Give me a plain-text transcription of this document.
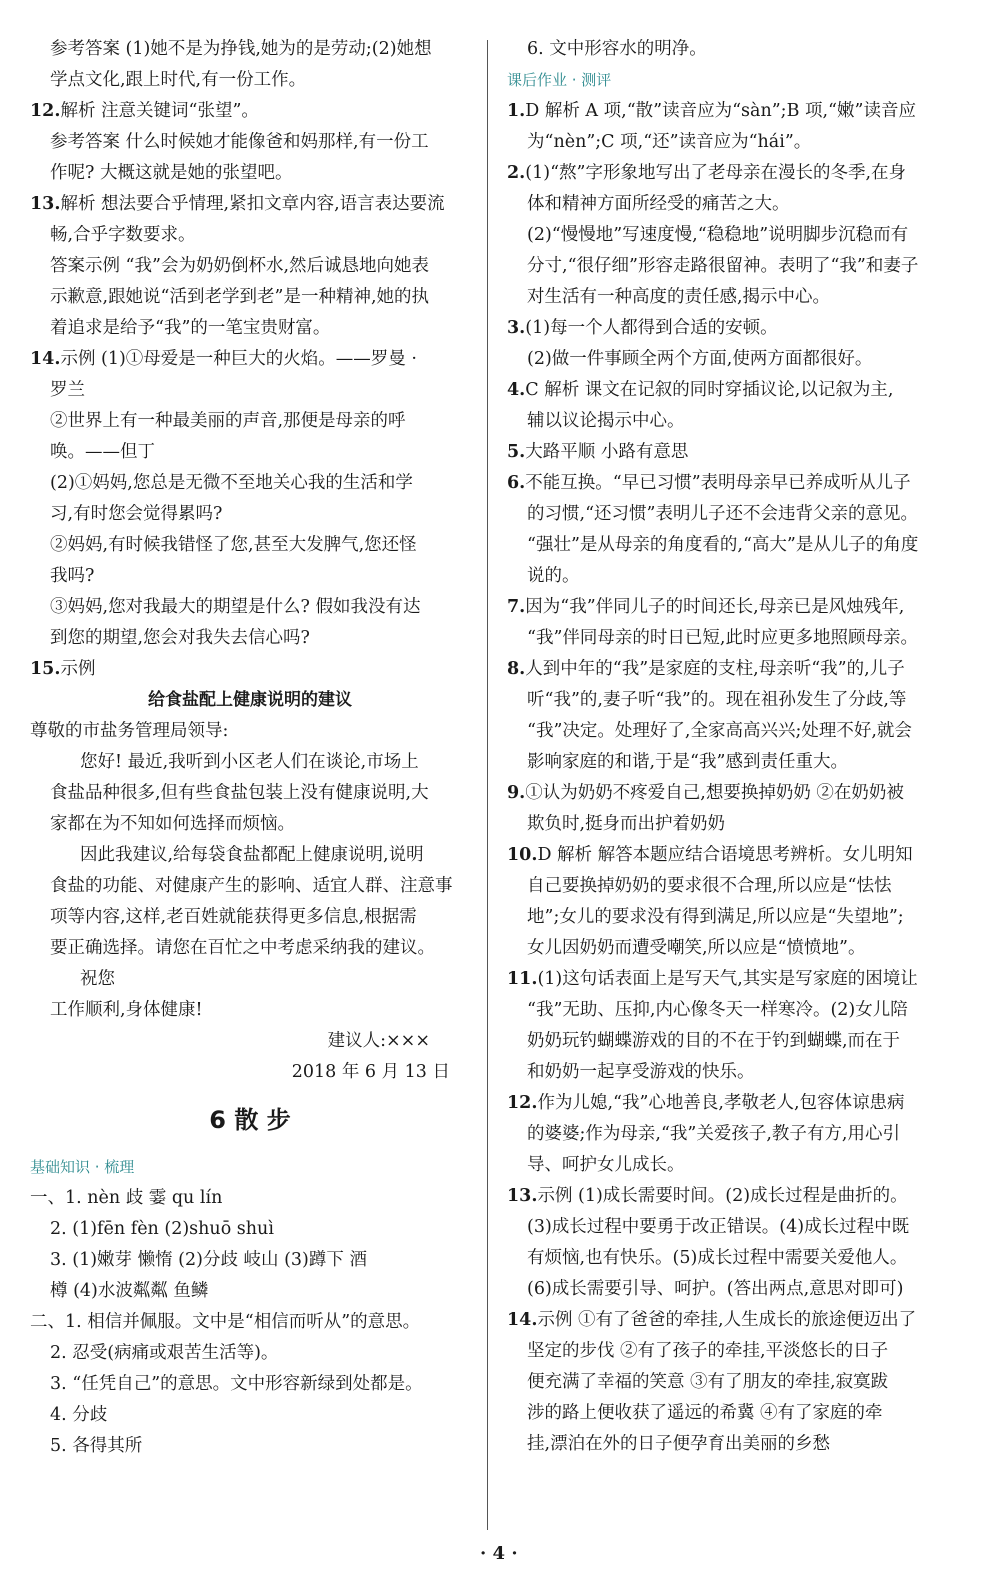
参考答案 (1)她不是为挣钱,她为的是劳动;(2)她想
学点文化,跟上时代,有一份工作。
12.解析 注意关键词“张望”。
参考答案 什么时候她才能像爸和妈那样,有一份工
作呢? 大概这就是她的张望吧。
13.解析 想法要合乎情理,紧扣文章内容,语言表达要流
畅,合乎字数要求。
答案示例 “我”会为奶奶倒杯水,然后诚恳地向她表
示歉意,跟她说“活到老学到老”是一种精神,她的执
着追求是给予“我”的一笔宝贵财富。
14.示例 (1)①母爱是一种巨大的火焰。——罗曼 ·
罗兰
②世界上有一种最美丽的声音,那便是母亲的呼
唤。——但丁
(2)①妈妈,您总是无微不至地关心我的生活和学
习,有时您会觉得累吗?
②妈妈,有时候我错怪了您,甚至大发脾气,您还怪
我吗?
③妈妈,您对我最大的期望是什么? 假如我没有达
到您的期望,您会对我失去信心吗?
15.示例
给食盐配上健康说明的建议
尊敬的市盐务管理局领导:
您好! 最近,我听到小区老人们在谈论,市场上
食盐品种很多,但有些食盐包装上没有健康说明,大
家都在为不知如何选择而烦恼。
因此我建议,给每袋食盐都配上健康说明,说明
食盐的功能、对健康产生的影响、适宜人群、注意事
项等内容,这样,老百姓就能获得更多信息,根据需
要正确选择。请您在百忙之中考虑采纳我的建议。
祝您
工作顺利,身体健康!
建议人:×××
2018 年 6 月 13 日
6 散 步
基础知识 · 梳理
一、1. nèn 歧 霎 qu lín
2. (1)fēn fèn (2)shuō shuì
3. (1)嫩芽 懒惰 (2)分歧 岐山 (3)蹲下 酒
樽 (4)水波粼粼 鱼鳞
二、1. 相信并佩服。文中是“相信而听从”的意思。
2. 忍受(病痛或艰苦生活等)。
3. “任凭自己”的意思。文中形容新绿到处都是。
4. 分歧
5. 各得其所
6. 文中形容水的明净。
课后作业 · 测评
1.D 解析 A 项,“散”读音应为“sàn”;B 项,“嫩”读音应
为“nèn”;C 项,“还”读音应为“hái”。
2.(1)“熬”字形象地写出了老母亲在漫长的冬季,在身
体和精神方面所经受的痛苦之大。
(2)“慢慢地”写速度慢,“稳稳地”说明脚步沉稳而有
分寸,“很仔细”形容走路很留神。表明了“我”和妻子
对生活有一种高度的责任感,揭示中心。
3.(1)每一个人都得到合适的安顿。
(2)做一件事顾全两个方面,使两方面都很好。
4.C 解析 课文在记叙的同时穿插议论,以记叙为主,
辅以议论揭示中心。
5.大路平顺 小路有意思
6.不能互换。“早已习惯”表明母亲早已养成听从儿子
的习惯,“还习惯”表明儿子还不会违背父亲的意见。
“强壮”是从母亲的角度看的,“高大”是从儿子的角度
说的。
7.因为“我”伴同儿子的时间还长,母亲已是风烛残年,
“我”伴同母亲的时日已短,此时应更多地照顾母亲。
8.人到中年的“我”是家庭的支柱,母亲听“我”的,儿子
听“我”的,妻子听“我”的。现在祖孙发生了分歧,等
“我”决定。处理好了,全家高高兴兴;处理不好,就会
影响家庭的和谐,于是“我”感到责任重大。
9.①认为奶奶不疼爱自己,想要换掉奶奶 ②在奶奶被
欺负时,挺身而出护着奶奶
10.D 解析 解答本题应结合语境思考辨析。女儿明知
自己要换掉奶奶的要求很不合理,所以应是“怯怯
地”;女儿的要求没有得到满足,所以应是“失望地”;
女儿因奶奶而遭受嘲笑,所以应是“愤愤地”。
11.(1)这句话表面上是写天气,其实是写家庭的困境让
“我”无助、压抑,内心像冬天一样寒冷。(2)女儿陪
奶奶玩钓蝴蝶游戏的目的不在于钓到蝴蝶,而在于
和奶奶一起享受游戏的快乐。
12.作为儿媳,“我”心地善良,孝敬老人,包容体谅患病
的婆婆;作为母亲,“我”关爱孩子,教子有方,用心引
导、呵护女儿成长。
13.示例 (1)成长需要时间。(2)成长过程是曲折的。
(3)成长过程中要勇于改正错误。(4)成长过程中既
有烦恼,也有快乐。(5)成长过程中需要关爱他人。
(6)成长需要引导、呵护。(答出两点,意思对即可)
14.示例 ①有了爸爸的牵挂,人生成长的旅途便迈出了
坚定的步伐 ②有了孩子的牵挂,平淡悠长的日子
便充满了幸福的笑意 ③有了朋友的牵挂,寂寞跋
涉的路上便收获了遥远的希冀 ④有了家庭的牵
挂,漂泊在外的日子便孕育出美丽的乡愁
· 4 ·
